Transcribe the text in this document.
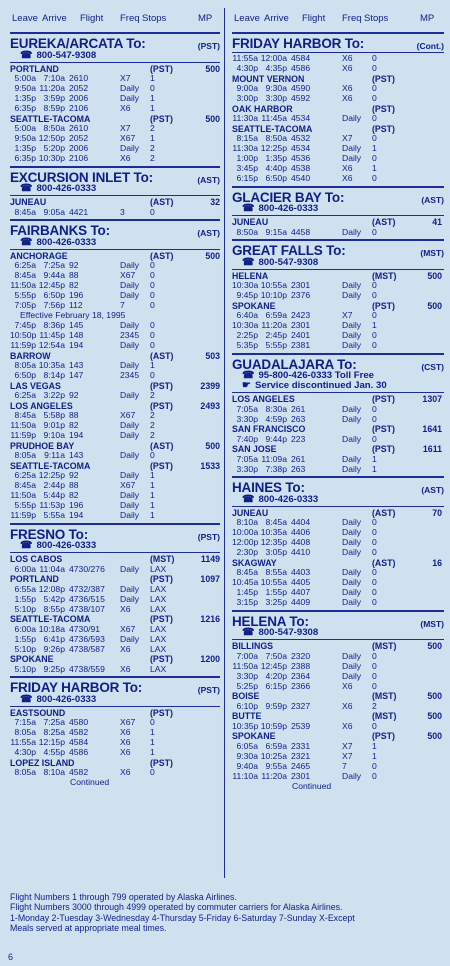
Leave Arrive Flight Freq Stops	MP Leave Arrive Flight Freq Stops	MP
EUREKA/ARCATA To:	(PST)
☎ 800-547-9308
PORTLAND	(PST)	500
5:00a 7:10a 2610	X7	1
9:50a 11:20a 2052	Daily	0
1:35p 3:59p 2006	Daily	1
6:35p 8:59p 2106	X6	1
SEATTLE-TACOMA	(PST)	500
5:00a 8:50a 2610	X7	2
9:50a 12:50p 2052	X67	1
1:35p 5:20p 2006	Daily	2
6:35p 10:30p 2106	X6	2
EXCURSION INLET To:	(AST)
☎ 800-426-0333
JUNEAU	(AST)	32
8:45a 9:05a 4421	3	0
FAIRBANKS To:	(AST)
☎ 800-426-0333
ANCHORAGE	(AST)	500
6:25a 7:25a 92	Daily	0
8:45a 9:44a 88	X67	0
11:50a 12:45p 82	Daily	0
5:55p 6:50p 196	Daily	0
7:05p 7:56p 112	7	0
Effective February 18, 1995
7:45p 8:36p 145	Daily	0
10:50p 11:45p 148	2345	0
11:59p 12:54a 194	Daily	0
BARROW	(AST)	503
8:05a 10:35a 143	Daily	1
6:50p 8:14p 147	2345	0
LAS VEGAS	(PST)	2399
6:25a 3:22p 92	Daily	2
LOS ANGELES	(PST)	2493
8:45a 5:58p 88	X67	2
11:50a 9:01p 82	Daily	2
11:59p 9:10a 194	Daily	2
PRUDHOE BAY	(AST)	500
8:05a 9:11a 143	Daily	0
SEATTLE-TACOMA	(PST)	1533
6:25a 12:25p 92	Daily	1
8:45a 2:44p 88	X67	1
11:50a 5:44p 82	Daily	1
5:55p 11:53p 196	Daily	1
11:59p 5:55a 194	Daily	1
FRESNO To:	(PST)
☎ 800-426-0333
LOS CABOS	(MST)	1149
6:00a 11:04a 4730/276	Daily	LAX
PORTLAND	(PST)	1097
6:55a 12:08p 4732/387	Daily	LAX
1:55p 5:42p 4736/515	Daily	LAX
5:10p 8:55p 4738/107	X6	LAX
SEATTLE-TACOMA	(PST)	1216
6:00a 10:18a 4730/91	X67	LAX
1:55p 6:41p 4736/593	Daily	LAX
5:10p 9:26p 4738/587	X6	LAX
SPOKANE	(PST)	1200
5:10p 9:25p 4738/559	X6	LAX
FRIDAY HARBOR To:	(PST)
☎ 800-426-0333
EASTSOUND	(PST)
7:15a 7:25a 4580	X67	0
8:05a 8:25a 4582	X6	1
11:55a 12:15p 4584	X6	1
4:30p 4:55p 4586	X6	1
LOPEZ ISLAND	(PST)
8:05a 8:10a 4582	X6	0
Continued
FRIDAY HARBOR To:	(Cont.)
11:55a 12:00a 4584	X6	0
4:30p 4:35p 4586	X6	0
MOUNT VERNON	(PST)
9:00a 9:30a 4590	X6	0
3:00p 3:30p 4592	X6	0
OAK HARBOR	(PST)
11:30a 11:45a 4534	Daily	0
SEATTLE-TACOMA	(PST)
8:15a 8:50a 4532	X7	0
11:30a 12:25p 4534	Daily	1
1:00p 1:35p 4536	Daily	0
3:45p 4:40p 4538	X6	1
6:15p 6:50p 4540	X6	0
GLACIER BAY To:	(AST)
☎ 800-426-0333
JUNEAU	(AST)	41
8:50a 9:15a 4458	Daily	0
GREAT FALLS To:	(MST)
☎ 800-547-9308
HELENA	(MST)	500
10:30a 10:55a 2301	Daily	0
9:45p 10:10p 2376	Daily	0
SPOKANE	(PST)	500
6:40a 6:59a 2423	X7	0
10:30a 11:20a 2301	Daily	1
2:25p 2:45p 2401	Daily	0
5:35p 5:55p 2381	Daily	0
GUADALAJARA To:	(CST)
☎ 95-800-426-0333 Toll Free
☛ Service discontinued Jan. 30
LOS ANGELES	(PST)	1307
7:05a 8:30a 261	Daily	0
3:30p 4:59p 263	Daily	0
SAN FRANCISCO	(PST)	1641
7:40p 9:44p 223	Daily	0
SAN JOSE	(PST)	1611
7:05a 11:09a 261	Daily	1
3:30p 7:38p 263	Daily	1
HAINES To:	(AST)
☎ 800-426-0333
JUNEAU	(AST)	70
8:10a 8:45a 4404	Daily	0
10:00a 10:35a 4406	Daily	0
12:00p 12:35p 4408	Daily	0
2:30p 3:05p 4410	Daily	0
SKAGWAY	(AST)	16
8:45a 8:55a 4403	Daily	0
10:45a 10:55a 4405	Daily	0
1:45p 1:55p 4407	Daily	0
3:15p 3:25p 4409	Daily	0
HELENA To:	(MST)
☎ 800-547-9308
BILLINGS	(MST)	500
7:00a 7:50a 2320	Daily	0
11:50a 12:45p 2388	Daily	0
3:30p 4:20p 2364	Daily	0
5:25p 6:15p 2366	X6	0
BOISE	(MST)	500
6:10p 9:59p 2327	X6	2
BUTTE	(MST)	500
10:35p 10:59p 2539	X6	0
SPOKANE	(PST)	500
6:05a 6:59a 2331	X7	1
9:30a 10:25a 2321	X7	1
9:40a 9:55a 2465	7	0
11:10a 11:20a 2301	Daily	0
Continued
Flight Numbers 1 through 799 operated by Alaska Airlines.
Flight Numbers 3000 through 4999 operated by commuter carriers for Alaska Airlines.
1-Monday 2-Tuesday 3-Wednesday 4-Thursday 5-Friday 6-Saturday 7-Sunday X-Except
Meals served at appropriate meal times.
6
